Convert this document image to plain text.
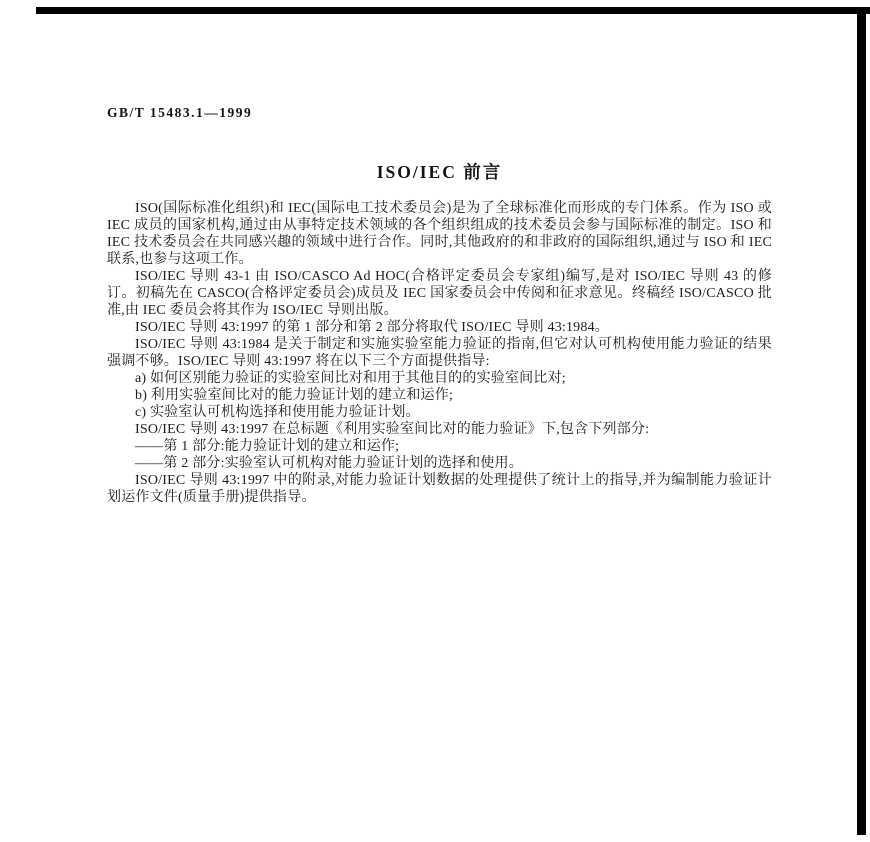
GB/T 15483.1—1999
ISO/IEC 前言

ISO(国际标准化组织)和 IEC(国际电工技术委员会)是为了全球标准化而形成的专门体系。作为 ISO 或 IEC 成员的国家机构,通过由从事特定技术领域的各个组织组成的技术委员会参与国际标准的制定。ISO 和 IEC 技术委员会在共同感兴趣的领域中进行合作。同时,其他政府的和非政府的国际组织,通过与 ISO 和 IEC 联系,也参与这项工作。

ISO/IEC 导则 43-1 由 ISO/CASCO Ad HOC(合格评定委员会专家组)编写,是对 ISO/IEC 导则 43 的修订。初稿先在 CASCO(合格评定委员会)成员及 IEC 国家委员会中传阅和征求意见。终稿经 ISO/CASCO 批准,由 IEC 委员会将其作为 ISO/IEC 导则出版。

ISO/IEC 导则 43:1997 的第 1 部分和第 2 部分将取代 ISO/IEC 导则 43:1984。

ISO/IEC 导则 43:1984 是关于制定和实施实验室能力验证的指南,但它对认可机构使用能力验证的结果强调不够。ISO/IEC 导则 43:1997 将在以下三个方面提供指导:

a) 如何区别能力验证的实验室间比对和用于其他目的的实验室间比对;

b) 利用实验室间比对的能力验证计划的建立和运作;

c) 实验室认可机构选择和使用能力验证计划。

ISO/IEC 导则 43:1997 在总标题《利用实验室间比对的能力验证》下,包含下列部分:

——第 1 部分:能力验证计划的建立和运作;

——第 2 部分:实验室认可机构对能力验证计划的选择和使用。

ISO/IEC 导则 43:1997 中的附录,对能力验证计划数据的处理提供了统计上的指导,并为编制能力验证计划运作文件(质量手册)提供指导。
